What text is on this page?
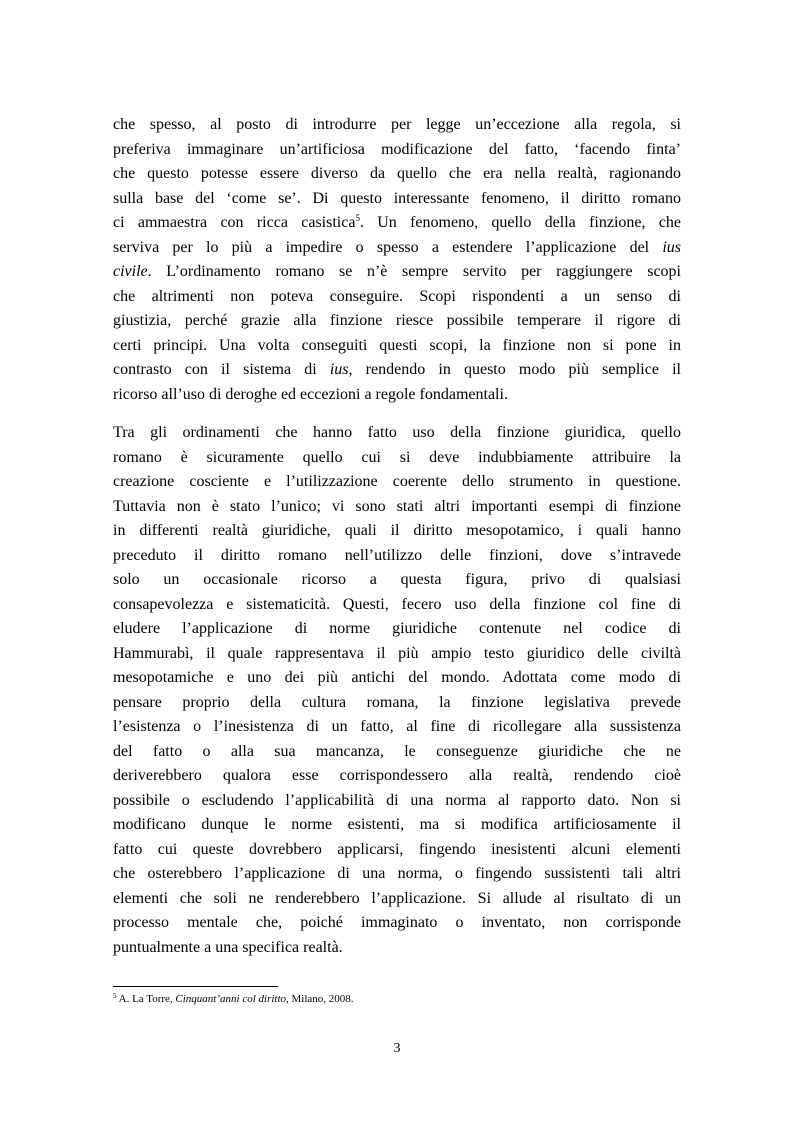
che spesso, al posto di introdurre per legge un’eccezione alla regola, si
preferiva immaginare un’artificiosa modificazione del fatto, ‘facendo finta’
che questo potesse essere diverso da quello che era nella realtà, ragionando
sulla base del ‘come se’. Di questo interessante fenomeno, il diritto romano
ci ammaestra con ricca casistica$^5$. Un fenomeno, quello della finzione, che
serviva per lo più a impedire o spesso a estendere l’applicazione del ius
civile. L’ordinamento romano se n’è sempre servito per raggiungere scopi
che altrimenti non poteva conseguire. Scopi rispondenti a un senso di
giustizia, perché grazie alla finzione riesce possibile temperare il rigore di
certi principi. Una volta conseguiti questi scopi, la finzione non si pone in
contrasto con il sistema di ius, rendendo in questo modo più semplice il
ricorso all’uso di deroghe ed eccezioni a regole fondamentali.
Tra gli ordinamenti che hanno fatto uso della finzione giuridica, quello
romano è sicuramente quello cui si deve indubbiamente attribuire la
creazione cosciente e l’utilizzazione coerente dello strumento in questione.
Tuttavia non è stato l’unico; vi sono stati altri importanti esempi di finzione
in differenti realtà giuridiche, quali il diritto mesopotamico, i quali hanno
preceduto il diritto romano nell’utilizzo delle finzioni, dove s’intravede
solo un occasionale ricorso a questa figura, privo di qualsiasi
consapevolezza e sistematicità. Questi, fecero uso della finzione col fine di
eludere l’applicazione di norme giuridiche contenute nel codice di
Hammurabì, il quale rappresentava il più ampio testo giuridico delle civiltà
mesopotamiche e uno dei più antichi del mondo. Adottata come modo di
pensare proprio della cultura romana, la finzione legislativa prevede
l’esistenza o l’inesistenza di un fatto, al fine di ricollegare alla sussistenza
del fatto o alla sua mancanza, le conseguenze giuridiche che ne
deriverebbero qualora esse corrispondessero alla realtà, rendendo cioè
possibile o escludendo l’applicabilità di una norma al rapporto dato. Non si
modificano dunque le norme esistenti, ma si modifica artificiosamente il
fatto cui queste dovrebbero applicarsi, fingendo inesistenti alcuni elementi
che osterebbero l’applicazione di una norma, o fingendo sussistenti tali altri
elementi che soli ne renderebbero l’applicazione. Si allude al risultato di un
processo mentale che, poiché immaginato o inventato, non corrisponde
puntualmente a una specifica realtà.
$^5$ A. La Torre, Cinquant’anni col diritto, Milano, 2008.
3
